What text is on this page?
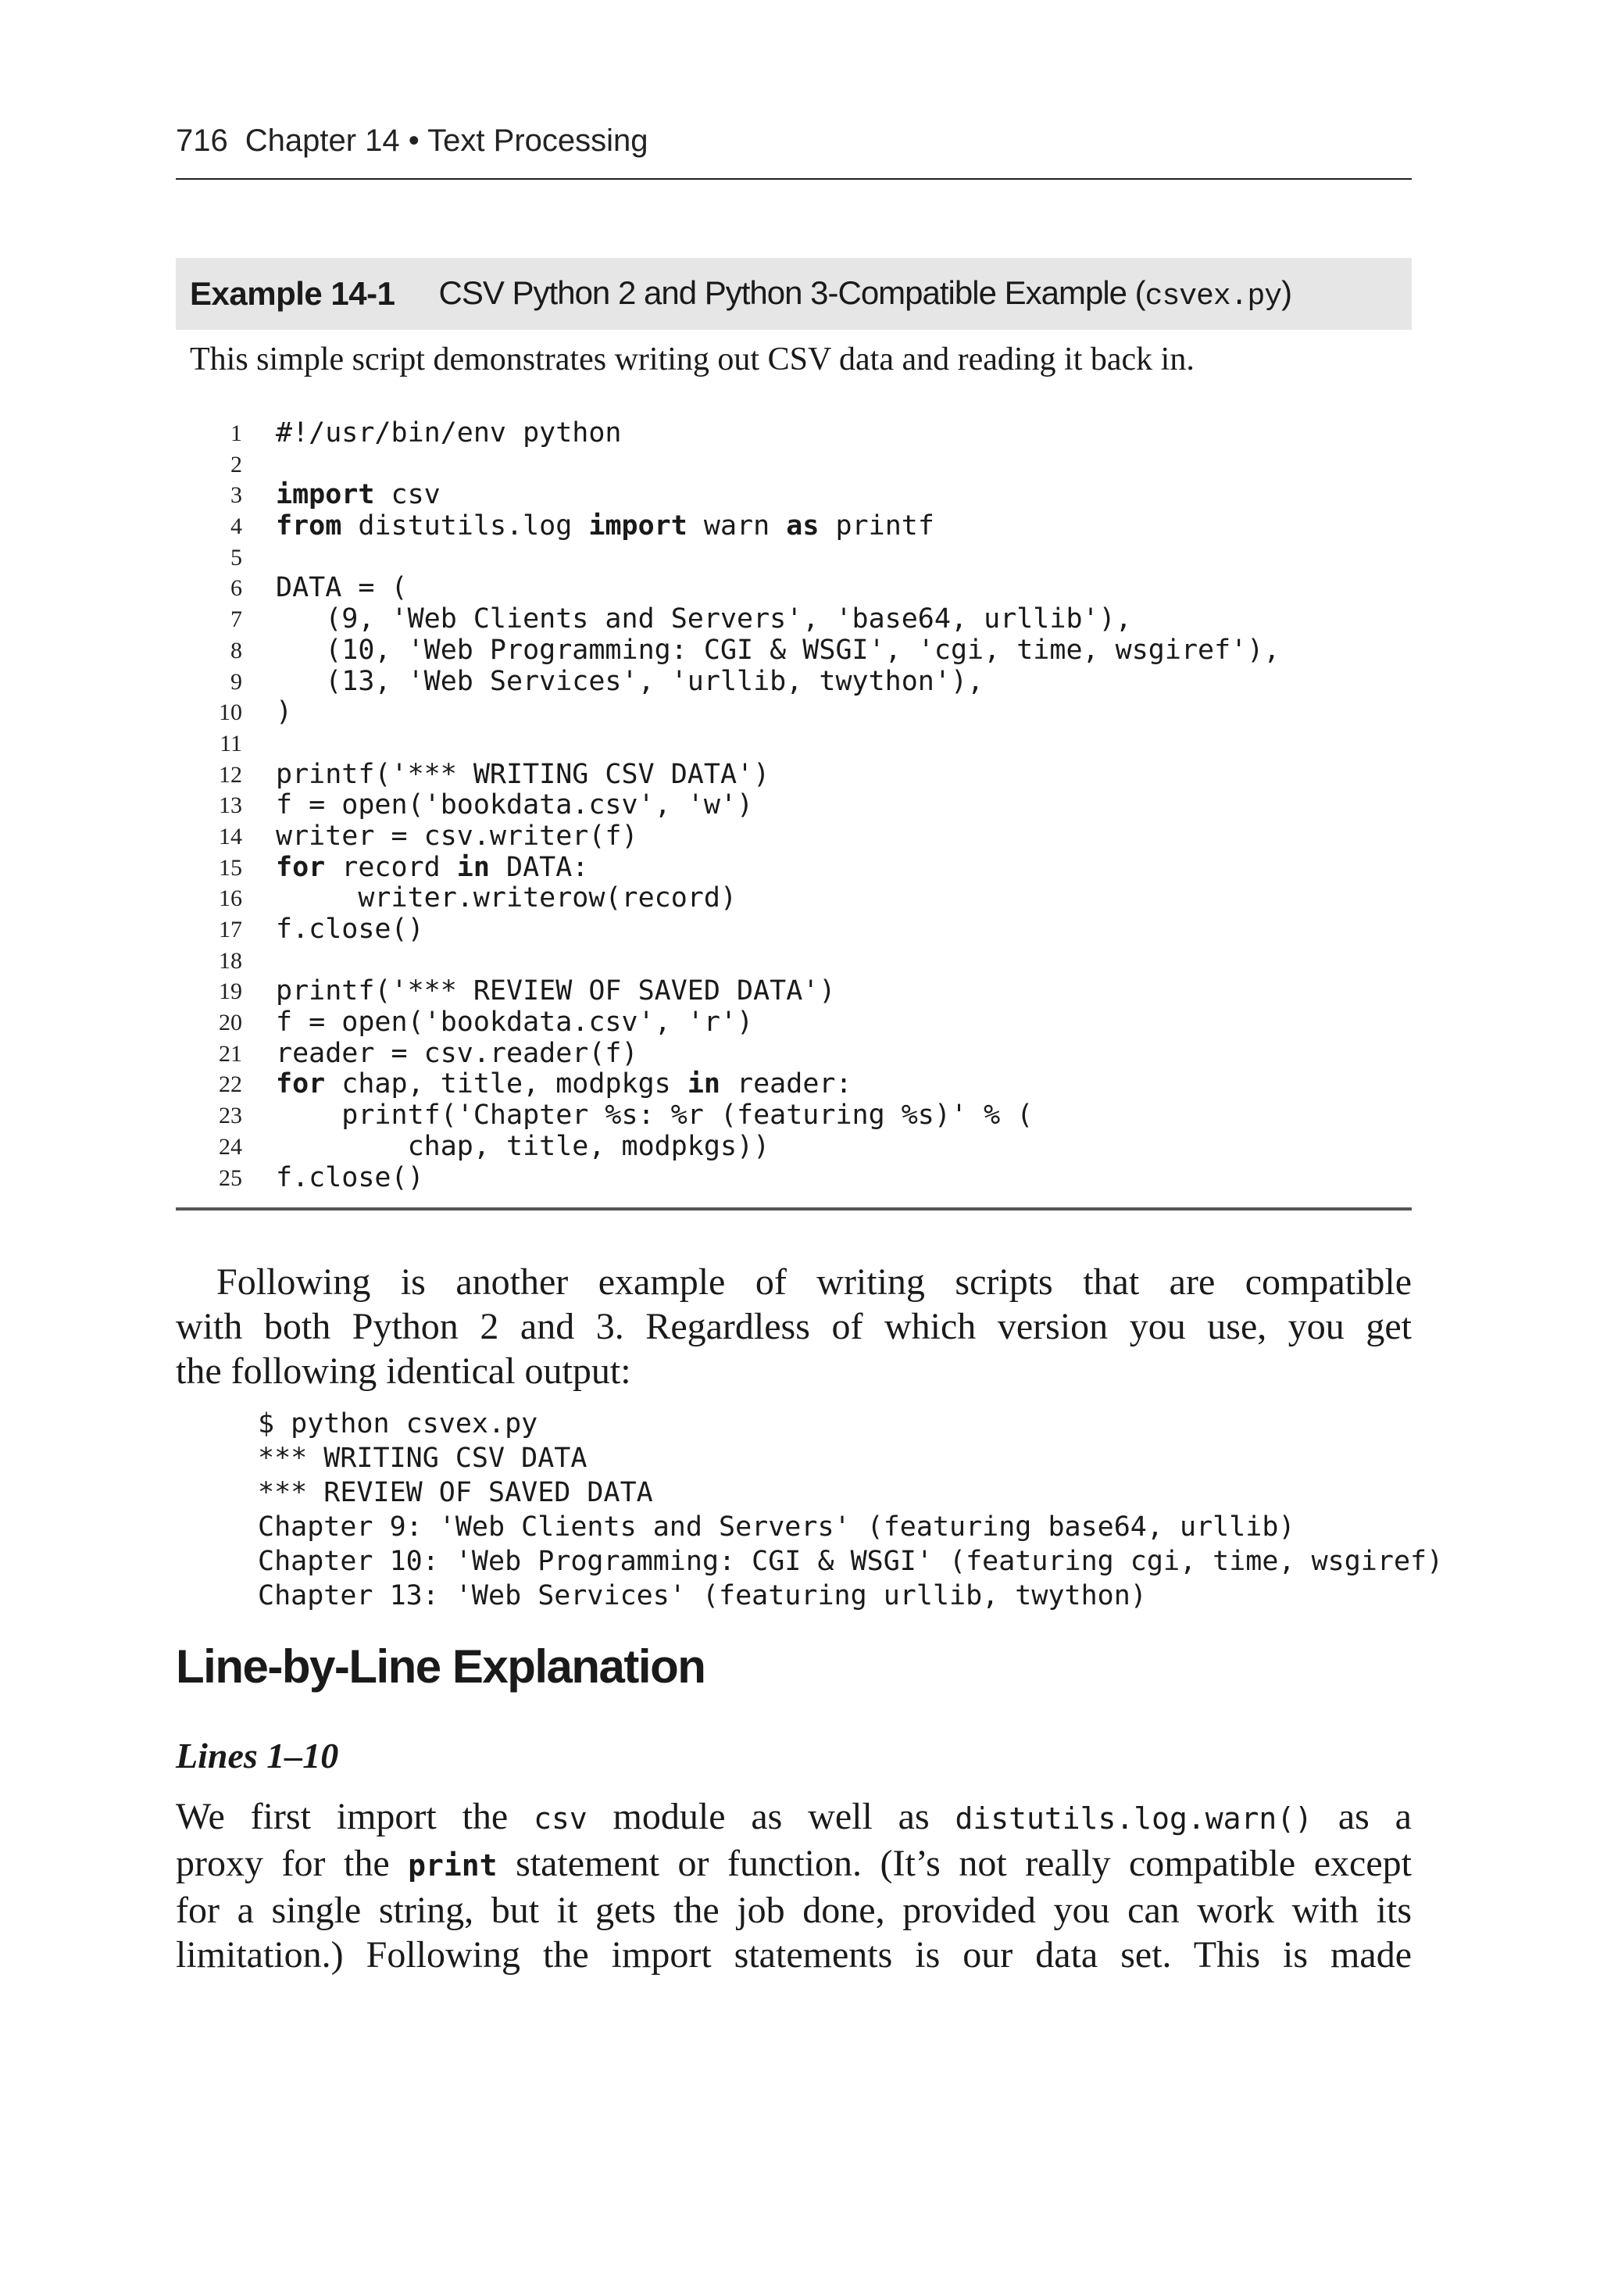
716 Chapter 14 • Text Processing
Example 14-1 CSV Python 2 and Python 3-Compatible Example (csvex.py)
This simple script demonstrates writing out CSV data and reading it back in.
1 #!/usr/bin/env python
2
3 import csv
4 from distutils.log import warn as printf
5
6 DATA = (
7 (9, 'Web Clients and Servers', 'base64, urllib'),
8 (10, 'Web Programming: CGI & WSGI', 'cgi, time, wsgiref'),
9 (13, 'Web Services', 'urllib, twython'),
10 )
11
12 printf('*** WRITING CSV DATA')
13 f = open('bookdata.csv', 'w')
14 writer = csv.writer(f)
15 for record in DATA:
16 writer.writerow(record)
17 f.close()
18
19 printf('*** REVIEW OF SAVED DATA')
20 f = open('bookdata.csv', 'r')
21 reader = csv.reader(f)
22 for chap, title, modpkgs in reader:
23 printf('Chapter %s: %r (featuring %s)' % (
24 chap, title, modpkgs))
25 f.close()
Following is another example of writing scripts that are compatible
with both Python 2 and 3. Regardless of which version you use, you get
the following identical output:
$ python csvex.py
*** WRITING CSV DATA
*** REVIEW OF SAVED DATA
Chapter 9: 'Web Clients and Servers' (featuring base64, urllib)
Chapter 10: 'Web Programming: CGI & WSGI' (featuring cgi, time, wsgiref)
Chapter 13: 'Web Services' (featuring urllib, twython)
Line-by-Line Explanation
Lines 1–10
We first import the csv module as well as distutils.log.warn() as a
proxy for the print statement or function. (It’s not really compatible except
for a single string, but it gets the job done, provided you can work with its
limitation.) Following the import statements is our data set. This is made
